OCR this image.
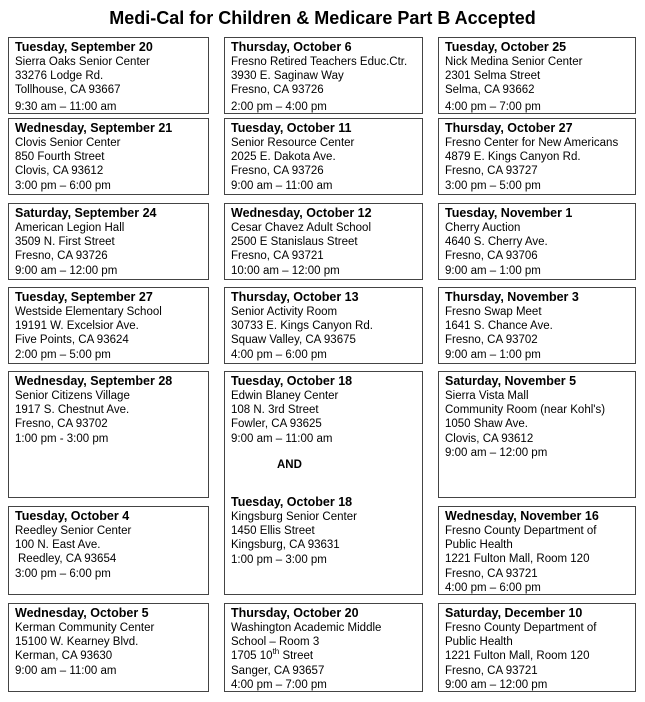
Medi-Cal for Children & Medicare Part B Accepted
Tuesday, September 20
Sierra Oaks Senior Center
33276 Lodge Rd.
Tollhouse, CA 93667
9:30 am – 11:00 am
Wednesday, September 21
Clovis Senior Center
850 Fourth Street
Clovis, CA 93612
3:00 pm – 6:00 pm
Saturday, September 24
American Legion Hall
3509 N. First Street
Fresno, CA 93726
9:00 am – 12:00 pm
Tuesday, September 27
Westside Elementary School
19191 W. Excelsior Ave.
Five Points, CA 93624
2:00 pm – 5:00 pm
Wednesday, September 28
Senior Citizens Village
1917 S. Chestnut Ave.
Fresno, CA 93702
1:00 pm - 3:00 pm
Tuesday, October 4
Reedley Senior Center
100 N. East Ave.
Reedley, CA 93654
3:00 pm – 6:00 pm
Wednesday, October 5
Kerman Community Center
15100 W. Kearney Blvd.
Kerman, CA 93630
9:00 am – 11:00 am
Thursday, October 6
Fresno Retired Teachers Educ.Ctr.
3930 E. Saginaw Way
Fresno, CA 93726
2:00 pm – 4:00 pm
Tuesday, October 11
Senior Resource Center
2025 E. Dakota Ave.
Fresno, CA 93726
9:00 am – 11:00 am
Wednesday, October 12
Cesar Chavez Adult School
2500 E Stanislaus Street
Fresno, CA 93721
10:00 am – 12:00 pm
Thursday, October 13
Senior Activity Room
30733 E. Kings Canyon Rd.
Squaw Valley, CA 93675
4:00 pm – 6:00 pm
Tuesday, October 18
Edwin Blaney Center
108 N. 3rd Street
Fowler, CA 93625
9:00 am – 11:00 am
AND
Tuesday, October 18
Kingsburg Senior Center
1450 Ellis Street
Kingsburg, CA 93631
1:00 pm – 3:00 pm
Thursday, October 20
Washington Academic Middle
School – Room 3
1705 10th Street
Sanger, CA 93657
4:00 pm – 7:00 pm
Tuesday, October 25
Nick Medina Senior Center
2301 Selma Street
Selma, CA 93662
4:00 pm – 7:00 pm
Thursday, October 27
Fresno Center for New Americans
4879 E. Kings Canyon Rd.
Fresno, CA 93727
3:00 pm – 5:00 pm
Tuesday, November 1
Cherry Auction
4640 S. Cherry Ave.
Fresno, CA 93706
9:00 am – 1:00 pm
Thursday, November 3
Fresno Swap Meet
1641 S. Chance Ave.
Fresno, CA 93702
9:00 am – 1:00 pm
Saturday, November 5
Sierra Vista Mall
Community Room (near Kohl's)
1050 Shaw Ave.
Clovis, CA 93612
9:00 am – 12:00 pm
Wednesday, November 16
Fresno County Department of
Public Health
1221 Fulton Mall, Room 120
Fresno, CA 93721
4:00 pm – 6:00 pm
Saturday, December 10
Fresno County Department of
Public Health
1221 Fulton Mall, Room 120
Fresno, CA 93721
9:00 am – 12:00 pm
